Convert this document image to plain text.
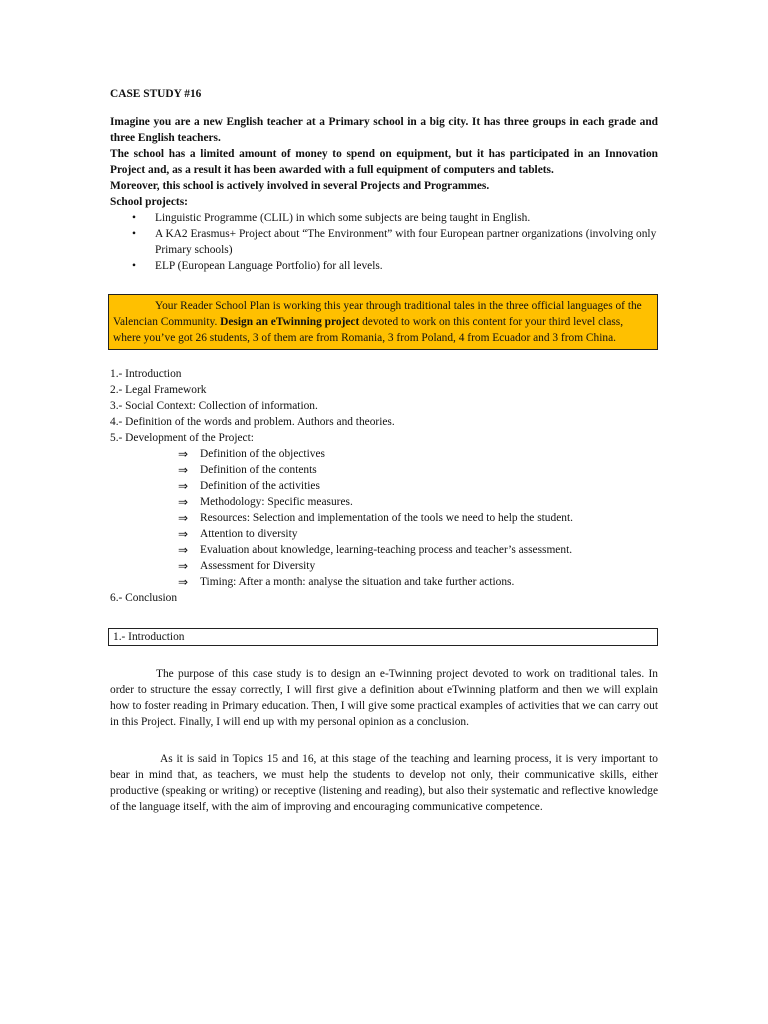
CASE STUDY #16

Imagine you are a new English teacher at a Primary school in a big city. It has three groups in each grade and three English teachers.

The school has a limited amount of money to spend on equipment, but it has participated in an Innovation Project and, as a result it has been awarded with a full equipment of computers and tablets.

Moreover, this school is actively involved in several Projects and Programmes.

School projects:

• Linguistic Programme (CLIL) in which some subjects are being taught in English.
• A KA2 Erasmus+ Project about “The Environment” with four European partner organizations (involving only Primary schools)
• ELP (European Language Portfolio) for all levels.
Your Reader School Plan is working this year through traditional tales in the three official languages of the Valencian Community. Design an eTwinning project devoted to work on this content for your third level class, where you’ve got 26 students, 3 of them are from Romania, 3 from Poland, 4 from Ecuador and 3 from China.

1.- Introduction

2.- Legal Framework

3.- Social Context: Collection of information.

4.- Definition of the words and problem. Authors and theories.

5.- Development of the Project:

⇒ Definition of the objectives
⇒ Definition of the contents
⇒ Definition of the activities
⇒ Methodology: Specific measures.
⇒ Resources: Selection and implementation of the tools we need to help the student.
⇒ Attention to diversity
⇒ Evaluation about knowledge, learning-teaching process and teacher’s assessment.
⇒ Assessment for Diversity
⇒ Timing: After a month: analyse the situation and take further actions.

6.- Conclusion

1.- Introduction

The purpose of this case study is to design an e-Twinning project devoted to work on traditional tales. In order to structure the essay correctly, I will first give a definition about eTwinning platform and then we will explain how to foster reading in Primary education. Then, I will give some practical examples of activities that we can carry out in this Project. Finally, I will end up with my personal opinion as a conclusion.

As it is said in Topics 15 and 16, at this stage of the teaching and learning process, it is very important to bear in mind that, as teachers, we must help the students to develop not only, their communicative skills, either productive (speaking or writing) or receptive (listening and reading), but also their systematic and reflective knowledge of the language itself, with the aim of improving and encouraging communicative competence.
